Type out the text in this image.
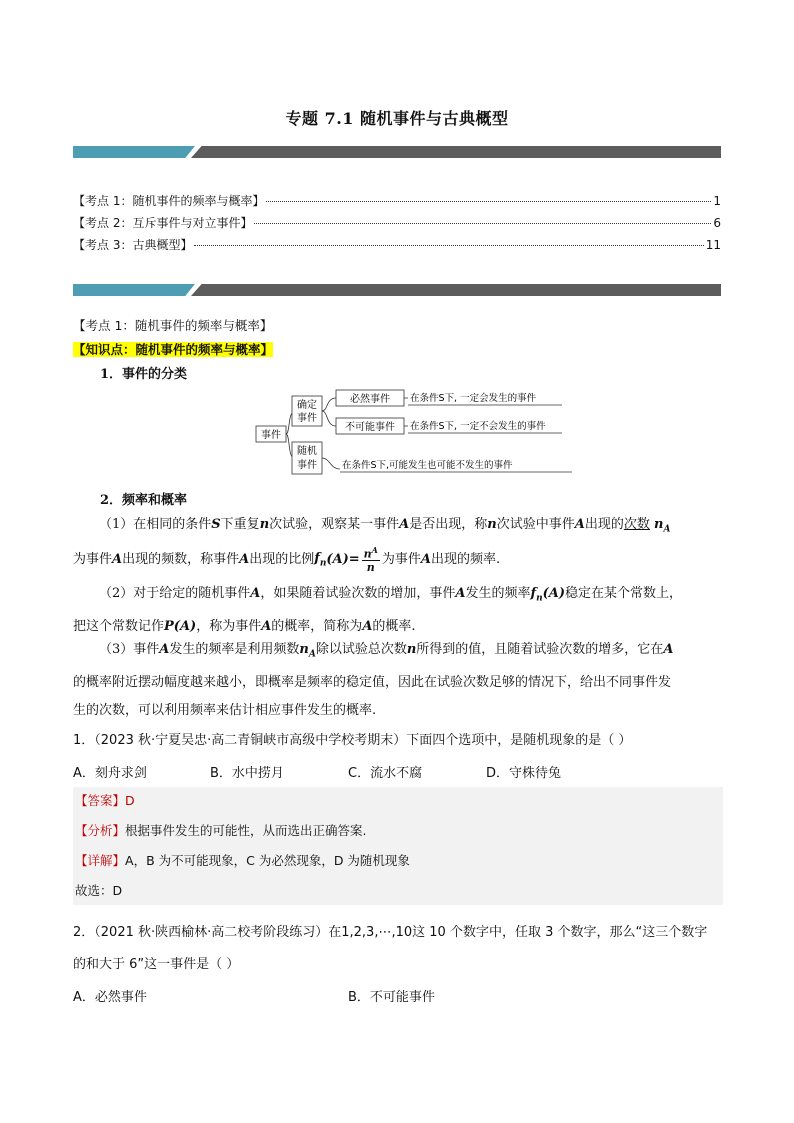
专题 7.1 随机事件与古典概型
【考点 1：随机事件的频率与概率】	1
【考点 2：互斥事件与对立事件】	6
【考点 3：古典概型】	11
【考点 1：随机事件的频率与概率】
【知识点：随机事件的频率与概率】
1．事件的分类
事件
确定
事件
随机
事件
必然事件
不可能事件
在条件S下, 一定会发生的事件
在条件S下, 一定不会发生的事件
在条件S下,可能发生也可能不发生的事件
2．频率和概率
（1）在相同的条件S下重复n次试验，观察某一事件A是否出现，称n次试验中事件A出现的次数 $n_A$
为事件A出现的频数，称事件A出现的比例$f_n(A)= \frac{n^A}{n}$ 为事件A出现的频率.
（2）对于给定的随机事件A，如果随着试验次数的增加，事件A发生的频率$f_n(A)$稳定在某个常数上，
把这个常数记作P(A)，称为事件A的概率，简称为A的概率.
（3）事件A发生的频率是利用频数$n_A$除以试验总次数n所得到的值，且随着试验次数的增多，它在A
的概率附近摆动幅度越来越小，即概率是频率的稳定值，因此在试验次数足够的情况下，给出不同事件发
生的次数，可以利用频率来估计相应事件发生的概率.
1．（2023 秋·宁夏吴忠·高二青铜峡市高级中学校考期末）下面四个选项中，是随机现象的是（ ）
A．刻舟求剑	B．水中捞月	C．流水不腐	D．守株待兔
【答案】D
【分析】根据事件发生的可能性，从而选出正确答案.
【详解】A，B 为不可能现象，C 为必然现象，D 为随机现象
故选：D
2．（2021 秋·陕西榆林·高二校考阶段练习）在1,2,3,⋯,10这 10 个数字中，任取 3 个数字，那么“这三个数字
的和大于 6”这一事件是（ ）
A．必然事件	B．不可能事件
